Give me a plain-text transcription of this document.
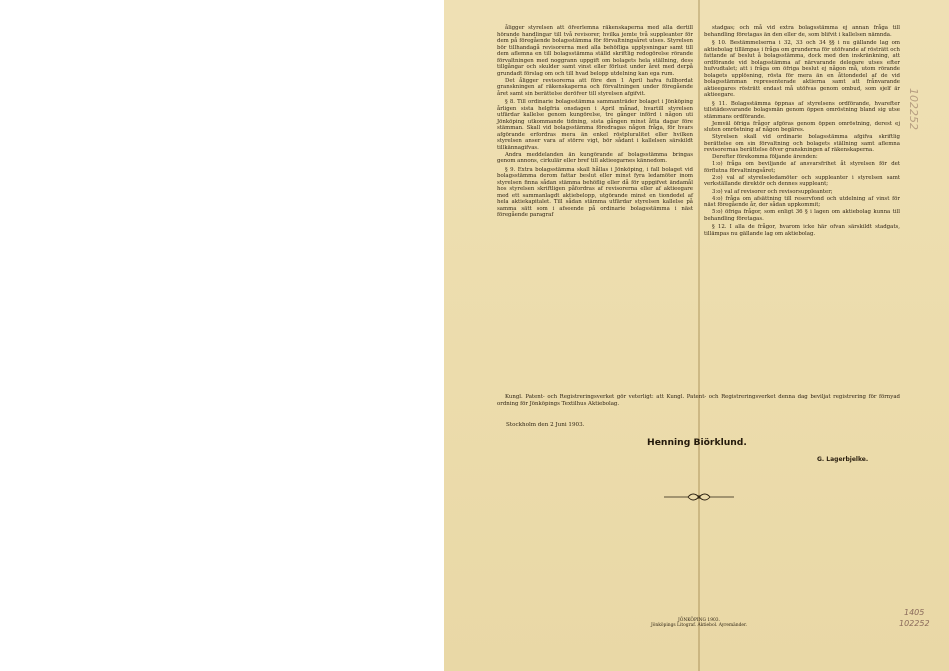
åligger styrelsen att öfverlemna räkenskaperna med alla dertill hörande handlingar till två revisorer, hvilka jemte två suppleanter för dem på föregående bolagsstämma för förvaltningsåret utses. Styrelsen bör tillhandagå revisorerna med alla behöfliga upplysningar samt till dem aflemna en till bolagsstämma ställd skriftlig redogörelse rörande förvaltningen med noggrann uppgift om bolagets hela ställning, dess tillgångar och skulder samt vinst eller förlust under året med derpå grundadt förslag om och till hvad belopp utdelning kan ega rum.

Det åligger revisorerna att före den 1 April hafva fullbordat granskningen af räkenskaperna och förvaltningen under föregående året samt sin berättelse deröfver till styrelsen afgifvit.

§ 8. Till ordinarie bolagsstämma sammanträder bolaget i Jönköping årligen sista helgfria onsdagen i April månad, hvartill styrelsen utfärdar kallelse genom kungörelse, tre gånger införd i någon uti Jönköping utkommande tidning, sista gången minst åtta dagar före stämman. Skall vid bolagsstämma föredragas någon fråga, för hvars afgörande erfordras mera än enkel röstpluralitet eller hvilken styrelsen anser vara af större vigt, bör sådant i kallelsen särskildt tillkännagifvas.

Andra meddelanden än kungörande af bolagsstämma bringas genom annons, cirkulär eller bref till aktieegarnes kännedom.

§ 9. Extra bolagsstämma skall hållas i Jönköping, i fall bolaget vid bolagsstämma derom fattar beslut eller minst fyra ledamöter inom styrelsen finna sådan stämma behöflig eller då för uppgifvet ändamål hos styrelsen skriftligen påfordras af revisorerna eller af aktieegare med ett sammanlagdt aktiebelopp, utgörande minst en tiondedel af hela aktiekapitalet. Till sådan stämma utfärdar styrelsen kallelse på samma sätt som i afseende på ordinarie bolagsstämma i näst föregående paragraf

stadgas; och må vid extra bolagsstämma ej annan fråga till behandling företagas än den eller de, som blifvit i kallelsen nämnda.

§ 10. Bestämmelserna i 32, 33 och 34 §§ i nu gällande lag om aktiebolag tillämpas i fråga om grunderna för utöfvande af rösträtt och fattande af beslut å bolagsstämma, dock med den inskränkning, att ordförande vid bolagsstämma af närvarande delegare utses efter hufvudtalet; att i fråga om öfriga beslut ej någon må, utom rörande bolagets upplösning, rösta för mera än en åttondedel af de vid bolagsstämman representerade aktierna samt att frånvarande aktieegares rösträtt endast må utöfvas genom ombud, som sjelf är aktieegare.

§ 11. Bolagsstämma öppnas af styrelsens ordförande, hvarefter tillstädesvarande bolagsmän genom öppen omröstning bland sig utse stämmans ordförande.

Jemväl öfriga frågor afgöras genom öppen omröstning, derest ej sluten omröstning af någon begäres.

Styrelsen skall vid ordinarie bolagsstämma afgifva skriftlig berättelse om sin förvaltning och bolagets ställning samt aflemna revisorernas berättelse öfver granskningen af räkenskaperna.

Derefter förekomma följande ärenden:

1:o) fråga om beviljande af ansvarsfrihet åt styrelsen för det förflutna förvaltningsåret;

2:o) val af styrelseledamöter och suppleanter i styrelsen samt verkställande direktör och dennes suppleant;

3:o) val af revisorer och revisorsuppleanter;

4:o) fråga om afsättning till reservfond och utdelning af vinst för näst föregående år, der sådan uppkommit;

5:o) öfriga frågor, som enligt 36 § i lagen om aktiebolag kunna till behandling företagas.

§ 12. I alla de frågor, hvarom icke här ofvan särskildt stadgats, tillämpas nu gällande lag om aktiebolag.

Kungl. Patent- och Registreringsverket gör veterligt: att Kungl. Patent- och Registreringsverket denna dag beviljat registrering för förnyad ordning för Jönköpings Textilhus Aktiebolag.
Stockholm den 2 Juni 1903.
Henning Biörklund.
G. Lagerbjelke.
JÖNKÖPING 1903.
Jönköpings Litograf. Aktiebol. Ayremänder.
102252
1405
102252
